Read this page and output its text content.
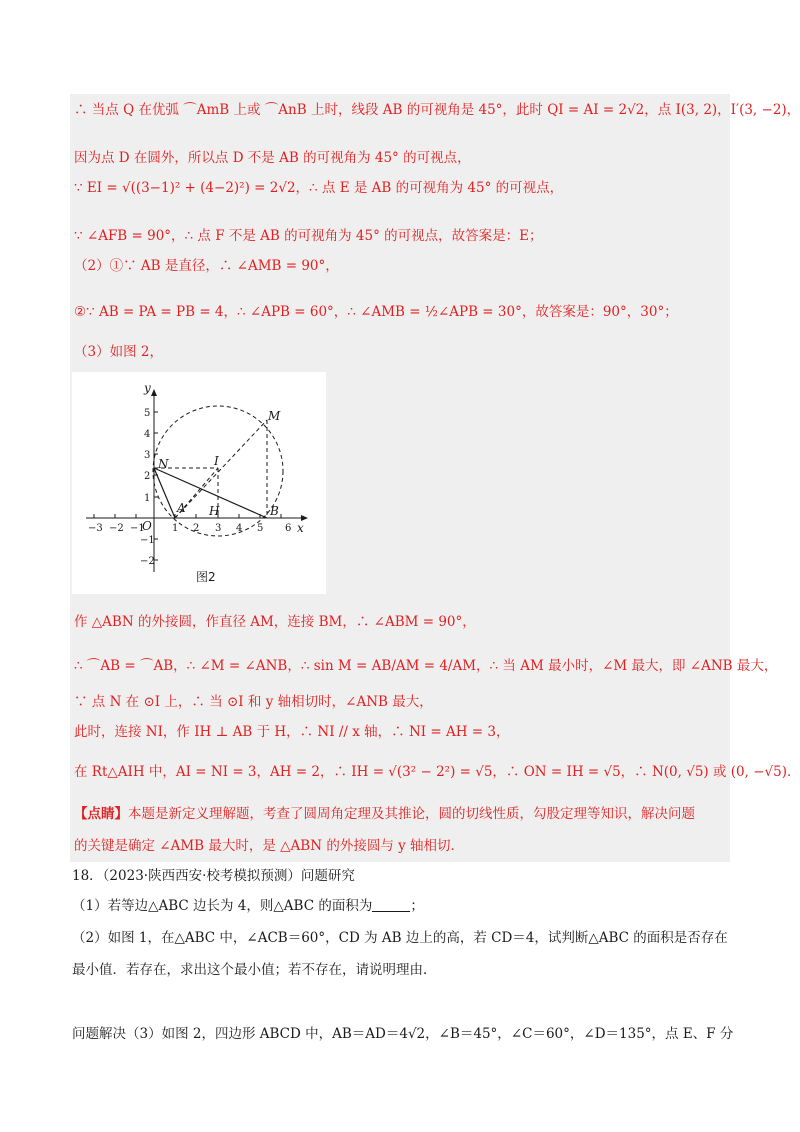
∴ 当点 Q 在优弧 ⌒AmB 上或 ⌒AnB 上时，线段 AB 的可视角是 45°，此时 QI = AI = 2√2，点 I(3, 2)，I′(3, −2)，
因为点 D 在圆外，所以点 D 不是 AB 的可视角为 45° 的可视点，
∵ EI = √((3−1)² + (4−2)²) = 2√2，∴ 点 E 是 AB 的可视角为 45° 的可视点，
∵ ∠AFB = 90°，∴ 点 F 不是 AB 的可视角为 45° 的可视点，故答案是：E；
（2）①∵ AB 是直径，∴ ∠AMB = 90°，
②∵ AB = PA = PB = 4，∴ ∠APB = 60°，∴ ∠AMB = ½∠APB = 30°，故答案是：90°，30°；
（3）如图 2，
−3 −2 −1	1 2 3 4 5 6
5
4
3
2
1
−1
−2
x
y
O
N	I
M
A H	B
图2
作 △ABN 的外接圆，作直径 AM，连接 BM，∴ ∠ABM = 90°，
∴ ⌒AB = ⌒AB，∴ ∠M = ∠ANB，∴ sin M = AB/AM = 4/AM，∴ 当 AM 最小时，∠M 最大，即 ∠ANB 最大，
∵ 点 N 在 ⊙I 上，∴ 当 ⊙I 和 y 轴相切时，∠ANB 最大，
此时，连接 NI，作 IH ⊥ AB 于 H，∴ NI // x 轴，∴ NI = AH = 3，
在 Rt△AIH 中，AI = NI = 3，AH = 2，∴ IH = √(3² − 2²) = √5，∴ ON = IH = √5，∴ N(0, √5) 或 (0, −√5)．
【点睛】本题是新定义理解题，考查了圆周角定理及其推论，圆的切线性质，勾股定理等知识，解决问题
的关键是确定 ∠AMB 最大时，是 △ABN 的外接圆与 y 轴相切．
18．（2023·陕西西安·校考模拟预测）问题研究
（1）若等边△ABC 边长为 4，则△ABC 的面积为	；
（2）如图 1，在△ABC 中，∠ACB＝60°，CD 为 AB 边上的高，若 CD＝4，试判断△ABC 的面积是否存在
最小值．若存在，求出这个最小值；若不存在，请说明理由．
问题解决（3）如图 2，四边形 ABCD 中，AB＝AD＝4√2，∠B＝45°，∠C＝60°，∠D＝135°，点 E、F 分
